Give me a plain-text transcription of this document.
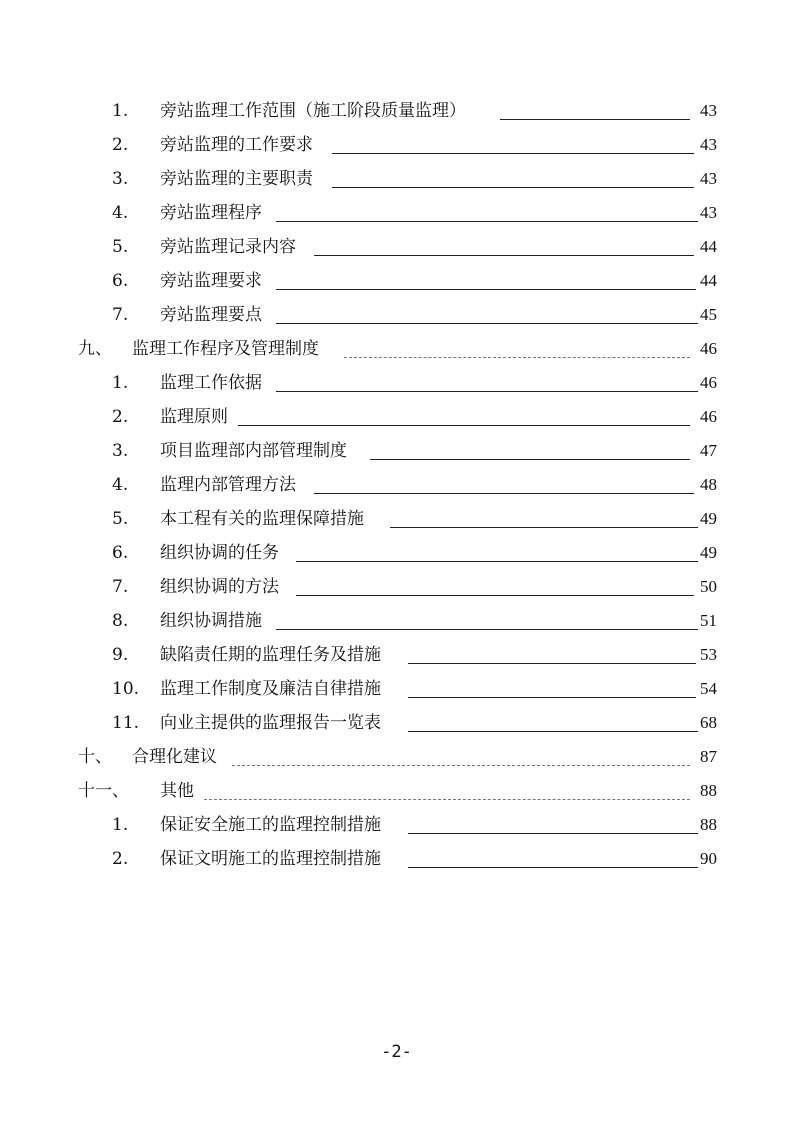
1. 旁站监理工作范围（施工阶段质量监理）	43
2. 旁站监理的工作要求	43
3. 旁站监理的主要职责	43
4. 旁站监理程序	43
5. 旁站监理记录内容	44
6. 旁站监理要求	44
7. 旁站监理要点	45
九、 监理工作程序及管理制度	46
1. 监理工作依据	46
2. 监理原则	46
3. 项目监理部内部管理制度	47
4. 监理内部管理方法	48
5. 本工程有关的监理保障措施	49
6. 组织协调的任务	49
7. 组织协调的方法	50
8. 组织协调措施	51
9. 缺陷责任期的监理任务及措施	53
10. 监理工作制度及廉洁自律措施	54
11. 向业主提供的监理报告一览表	68
十、 合理化建议	87
十一、 其他	88
1. 保证安全施工的监理控制措施	88
2. 保证文明施工的监理控制措施	90
-2-
